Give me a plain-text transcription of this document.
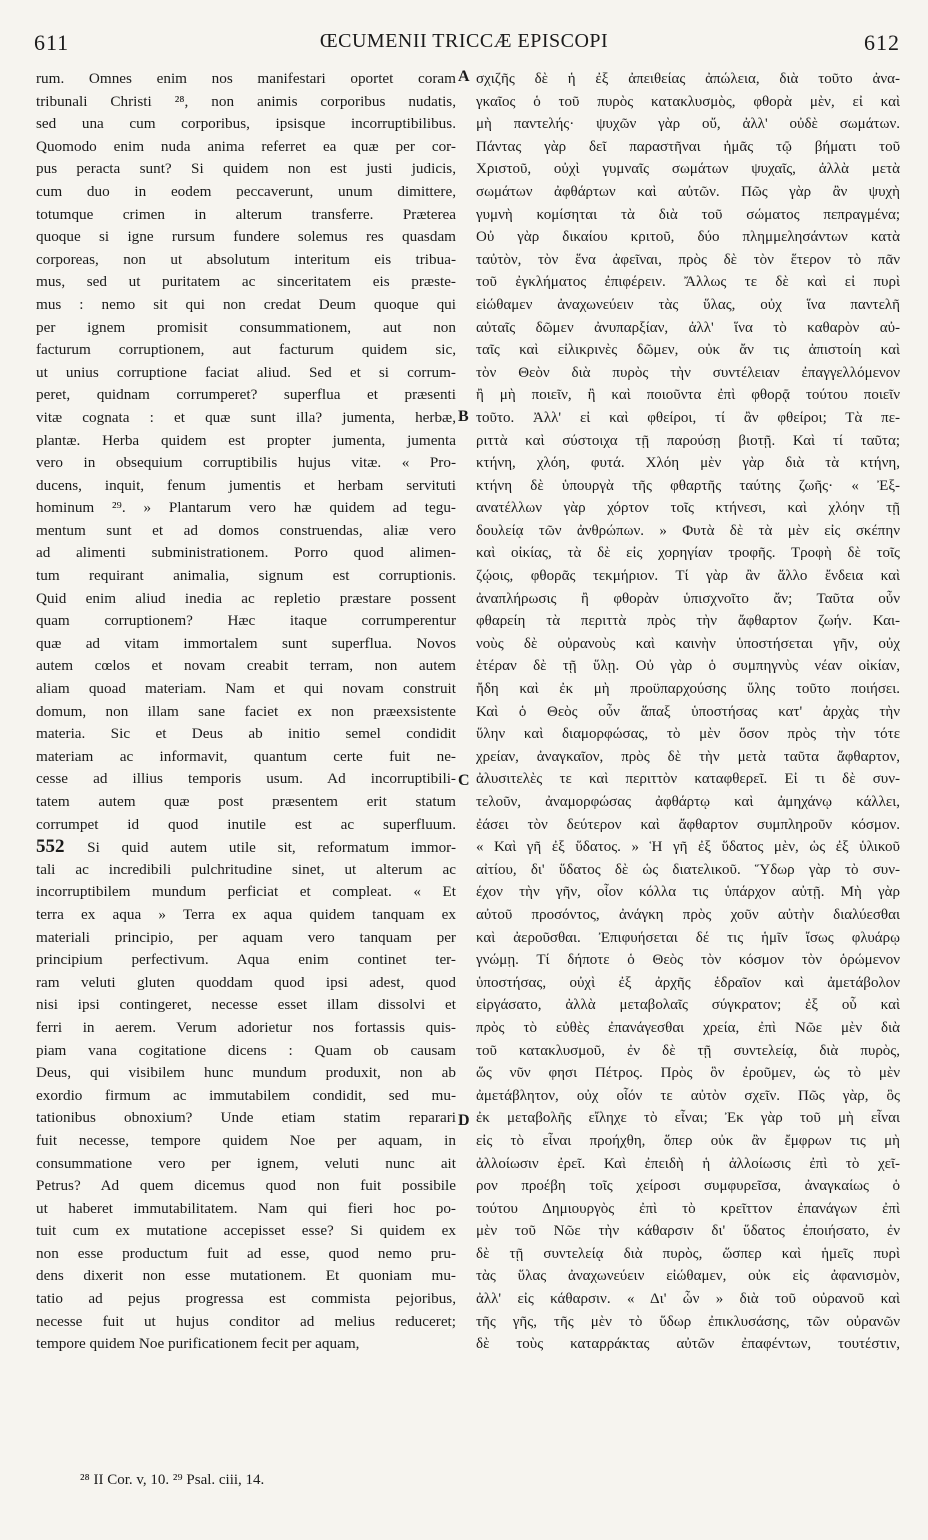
611	ŒCUMENII TRICCÆ EPISCOPI	612
rum. Omnes enim nos manifestari oportet coram
tribunali Christi ²⁸, non animis corporibus nudatis,
sed una cum corporibus, ipsisque incorruptibilibus.
Quomodo enim nuda anima referret ea quæ per cor-
pus peracta sunt? Si quidem non est justi judicis,
cum duo in eodem peccaverunt, unum dimittere,
totumque crimen in alterum transferre. Præterea
quoque si igne rursum fundere solemus res quasdam
corporeas, non ut absolutum interitum eis tribua-
mus, sed ut puritatem ac sinceritatem eis præste-
mus : nemo sit qui non credat Deum quoque qui
per ignem promisit consummationem, aut non
facturum corruptionem, aut facturum quidem sic,
ut unius corruptione faciat aliud. Sed et si corrum-
peret, quidnam corrumperet? superflua et præsenti
vitæ cognata : et quæ sunt illa? jumenta, herbæ,
plantæ. Herba quidem est propter jumenta, jumenta
vero in obsequium corruptibilis hujus vitæ. « Pro-
ducens, inquit, fenum jumentis et herbam servituti
hominum ²⁹. » Plantarum vero hæ quidem ad tegu-
mentum sunt et ad domos construendas, aliæ vero
ad alimenti subministrationem. Porro quod alimen-
tum requirant animalia, signum est corruptionis.
Quid enim aliud inedia ac repletio præstare possent
quam corruptionem? Hæc itaque corrumperentur
quæ ad vitam immortalem sunt superflua. Novos
autem cœlos et novam creabit terram, non autem
aliam quoad materiam. Nam et qui novam construit
domum, non illam sane faciet ex non præexsistente
materia. Sic et Deus ab initio semel condidit
materiam ac informavit, quantum certe fuit ne-
cesse ad illius temporis usum. Ad incorruptibili-
tatem autem quæ post præsentem erit statum
corrumpet id quod inutile est ac superfluum.
552 Si quid autem utile sit, reformatum immor-
tali ac incredibili pulchritudine sinet, ut alterum ac
incorruptibilem mundum perficiat et compleat. « Et
terra ex aqua » Terra ex aqua quidem tanquam ex
materiali principio, per aquam vero tanquam per
principium perfectivum. Aqua enim continet ter-
ram veluti gluten quoddam quod ipsi adest, quod
nisi ipsi contingeret, necesse esset illam dissolvi et
ferri in aerem. Verum adorietur nos fortassis quis-
piam vana cogitatione dicens : Quam ob causam
Deus, qui visibilem hunc mundum produxit, non ab
exordio firmum ac immutabilem condidit, sed mu-
tationibus obnoxium? Unde etiam statim reparari
fuit necesse, tempore quidem Noe per aquam, in
consummatione vero per ignem, veluti nunc ait
Petrus? Ad quem dicemus quod non fuit possibile
ut haberet immutabilitatem. Nam qui fieri hoc po-
tuit cum ex mutatione accepisset esse? Si quidem ex
non esse productum fuit ad esse, quod nemo pru-
dens dixerit non esse mutationem. Et quoniam mu-
tatio ad pejus progressa est commista pejoribus,
necesse fuit ut hujus conditor ad melius reduceret;
tempore quidem Noe purificationem fecit per aquam,
σχιζῆς δὲ ἡ ἐξ ἀπειθείας ἀπώλεια, διὰ τοῦτο ἀνα-
γκαῖος ὁ τοῦ πυρὸς κατακλυσμὸς, φθορὰ μὲν, εἰ καὶ
μὴ παντελής· ψυχῶν γὰρ οὔ, ἀλλ' οὐδὲ σωμάτων.
Πάντας γὰρ δεῖ παραστῆναι ἡμᾶς τῷ βήματι τοῦ
Χριστοῦ, οὐχὶ γυμναῖς σωμάτων ψυχαῖς, ἀλλὰ μετὰ
σωμάτων ἀφθάρτων καὶ αὐτῶν. Πῶς γὰρ ἂν ψυχὴ
γυμνὴ κομίσηται τὰ διὰ τοῦ σώματος πεπραγμένα;
Οὐ γὰρ δικαίου κριτοῦ, δύο πλημμελησάντων κατὰ
ταὐτὸν, τὸν ἕνα ἀφεῖναι, πρὸς δὲ τὸν ἕτερον τὸ πᾶν
τοῦ ἐγκλήματος ἐπιφέρειν. Ἄλλως τε δὲ καὶ εἰ πυρὶ
εἰώθαμεν ἀναχωνεύειν τὰς ὕλας, οὐχ ἵνα παντελῆ
αὐταῖς δῶμεν ἀνυπαρξίαν, ἀλλ' ἵνα τὸ καθαρὸν αὐ-
ταῖς καὶ εἰλικρινὲς δῶμεν, οὐκ ἄν τις ἀπιστοίη καὶ
τὸν Θεὸν διὰ πυρὸς τὴν συντέλειαν ἐπαγγελλόμενον
ἢ μὴ ποιεῖν, ἢ καὶ ποιοῦντα ἐπὶ φθορᾷ τούτου ποιεῖν
τοῦτο. Ἀλλ' εἰ καὶ φθείροι, τί ἂν φθείροι; Τὰ πε-
ριττὰ καὶ σύστοιχα τῇ παρούσῃ βιοτῇ. Καὶ τί ταῦτα;
κτήνη, χλόη, φυτά. Χλόη μὲν γὰρ διὰ τὰ κτήνη,
κτήνη δὲ ὑπουργὰ τῆς φθαρτῆς ταύτης ζωῆς· « Ἐξ-
ανατέλλων γὰρ χόρτον τοῖς κτήνεσι, καὶ χλόην τῇ
δουλείᾳ τῶν ἀνθρώπων. » Φυτὰ δὲ τὰ μὲν εἰς σκέπην
καὶ οἰκίας, τὰ δὲ εἰς χορηγίαν τροφῆς. Τροφὴ δὲ τοῖς
ζῴοις, φθορᾶς τεκμήριον. Τί γὰρ ἂν ἄλλο ἔνδεια καὶ
ἀναπλήρωσις ἢ φθορὰν ὑπισχνοῖτο ἄν; Ταῦτα οὖν
φθαρείη τὰ περιττὰ πρὸς τὴν ἄφθαρτον ζωήν. Και-
νοὺς δὲ οὐρανοὺς καὶ καινὴν ὑποστήσεται γῆν, οὐχ
ἑτέραν δὲ τῇ ὕλῃ. Οὐ γὰρ ὁ συμπηγνὺς νέαν οἰκίαν,
ἤδη καὶ ἐκ μὴ προϋπαρχούσης ὕλης τοῦτο ποιήσει.
Καὶ ὁ Θεὸς οὖν ἅπαξ ὑποστήσας κατ' ἀρχὰς τὴν
ὕλην καὶ διαμορφώσας, τὸ μὲν ὅσον πρὸς τὴν τότε
χρείαν, ἀναγκαῖον, πρὸς δὲ τὴν μετὰ ταῦτα ἄφθαρτον,
ἀλυσιτελὲς τε καὶ περιττὸν καταφθερεῖ. Εἰ τι δὲ συν-
τελοῦν, ἀναμορφώσας ἀφθάρτῳ καὶ ἀμηχάνῳ κάλλει,
ἐάσει τὸν δεύτερον καὶ ἄφθαρτον συμπληροῦν κόσμον.
« Καὶ γῆ ἐξ ὕδατος. » Ἡ γῆ ἐξ ὕδατος μὲν, ὡς ἐξ ὑλικοῦ
αἰτίου, δι' ὕδατος δὲ ὡς διατελικοῦ. Ὕδωρ γὰρ τὸ συν-
έχον τὴν γῆν, οἷον κόλλα τις ὑπάρχον αὐτῇ. Μὴ γὰρ
αὐτοῦ προσόντος, ἀνάγκη πρὸς χοῦν αὐτὴν διαλύεσθαι
καὶ ἀεροῦσθαι. Ἐπιφυήσεται δέ τις ἡμῖν ἴσως φλυάρῳ
γνώμῃ. Τί δήποτε ὁ Θεὸς τὸν κόσμον τὸν ὁρώμενον
ὑποστήσας, οὐχὶ ἐξ ἀρχῆς ἑδραῖον καὶ ἀμετάβολον
εἰργάσατο, ἀλλὰ μεταβολαῖς σύγκρατον; ἐξ οὗ καὶ
πρὸς τὸ εὐθὲς ἐπανάγεσθαι χρεία, ἐπὶ Νῶε μὲν διὰ
τοῦ κατακλυσμοῦ, ἐν δὲ τῇ συντελείᾳ, διὰ πυρὸς,
ὥς νῦν φησι Πέτρος. Πρὸς ὃν ἐροῦμεν, ὡς τὸ μὲν
ἀμετάβλητον, οὐχ οἷόν τε αὐτὸν σχεῖν. Πῶς γὰρ, ὃς
ἐκ μεταβολῆς εἴληχε τὸ εἶναι; Ἐκ γὰρ τοῦ μὴ εἶναι
εἰς τὸ εἶναι προήχθη, ὅπερ οὐκ ἂν ἔμφρων τις μὴ
ἀλλοίωσιν ἐρεῖ. Καὶ ἐπειδὴ ἡ ἀλλοίωσις ἐπὶ τὸ χεῖ-
ρον προέβη τοῖς χείροσι συμφυρεῖσα, ἀναγκαίως ὁ
τούτου Δημιουργὸς ἐπὶ τὸ κρεῖττον ἐπανάγων ἐπὶ
μὲν τοῦ Νῶε τὴν κάθαρσιν δι' ὕδατος ἐποιήσατο, ἐν
δὲ τῇ συντελείᾳ διὰ πυρὸς, ὥσπερ καὶ ἡμεῖς πυρὶ
τὰς ὕλας ἀναχωνεύειν εἰώθαμεν, οὐκ εἰς ἀφανισμὸν,
ἀλλ' εἰς κάθαρσιν. « Δι' ὧν » διὰ τοῦ οὐρανοῦ καὶ
τῆς γῆς, τῆς μὲν τὸ ὕδωρ ἐπικλυσάσης, τῶν οὐρανῶν
δὲ τοὺς καταρράκτας αὐτῶν ἐπαφέντων, τουτέστιν,
A
B
C
D
²⁸ II Cor. v, 10. ²⁹ Psal. ciii, 14.
